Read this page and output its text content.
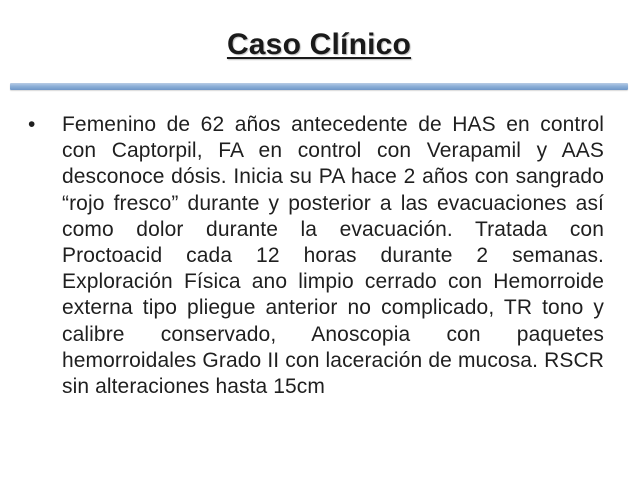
Caso Clínico
•	Femenino de 62 años antecedente de HAS en control con Captorpil, FA en control con Verapamil y AAS desconoce dósis. Inicia su PA hace 2 años con sangrado “rojo fresco” durante y posterior a las evacuaciones así como dolor durante la evacuación. Tratada con Proctoacid cada 12 horas durante 2 semanas. Exploración Física ano limpio cerrado con Hemorroide externa tipo pliegue anterior no complicado, TR tono y calibre conservado, Anoscopia con paquetes hemorroidales Grado II con laceración de mucosa. RSCR sin alteraciones hasta 15cm
